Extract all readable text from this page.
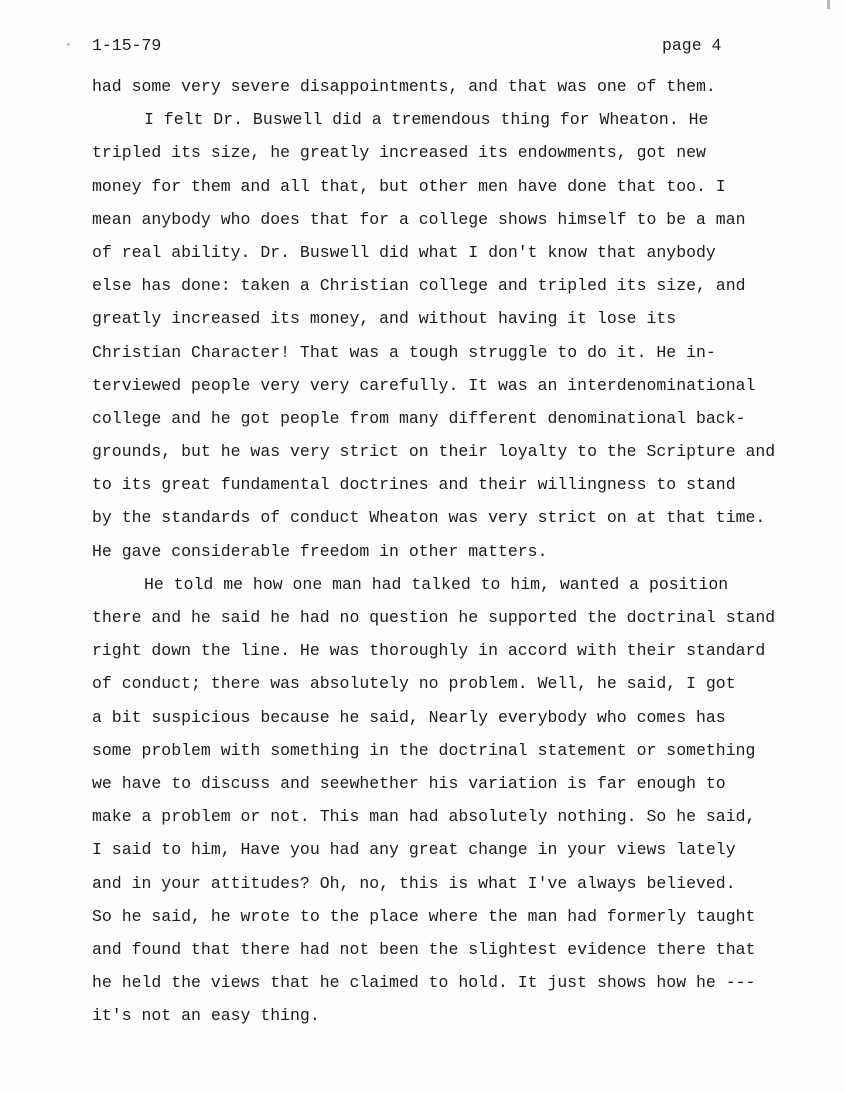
1-15-79	page 4

had some very severe disappointments, and that was one of them.

I felt Dr. Buswell did a tremendous thing for Wheaton. He

tripled its size, he greatly increased its endowments, got new

money for them and all that, but other men have done that too. I

mean anybody who does that for a college shows himself to be a man

of real ability. Dr. Buswell did what I don't know that anybody

else has done: taken a Christian college and tripled its size, and

greatly increased its money, and without having it lose its

Christian Character! That was a tough struggle to do it. He in-

terviewed people very very carefully. It was an interdenominational

college and he got people from many different denominational back-

grounds, but he was very strict on their loyalty to the Scripture and

to its great fundamental doctrines and their willingness to stand

by the standards of conduct Wheaton was very strict on at that time.

He gave considerable freedom in other matters.

He told me how one man had talked to him, wanted a position

there and he said he had no question he supported the doctrinal stand

right down the line. He was thoroughly in accord with their standard

of conduct; there was absolutely no problem. Well, he said, I got

a bit suspicious because he said, Nearly everybody who comes has

some problem with something in the doctrinal statement or something

we have to discuss and seewhether his variation is far enough to

make a problem or not. This man had absolutely nothing. So he said,

I said to him, Have you had any great change in your views lately

and in your attitudes? Oh, no, this is what I've always believed.

So he said, he wrote to the place where the man had formerly taught

and found that there had not been the slightest evidence there that

he held the views that he claimed to hold. It just shows how he ---

it's not an easy thing.
